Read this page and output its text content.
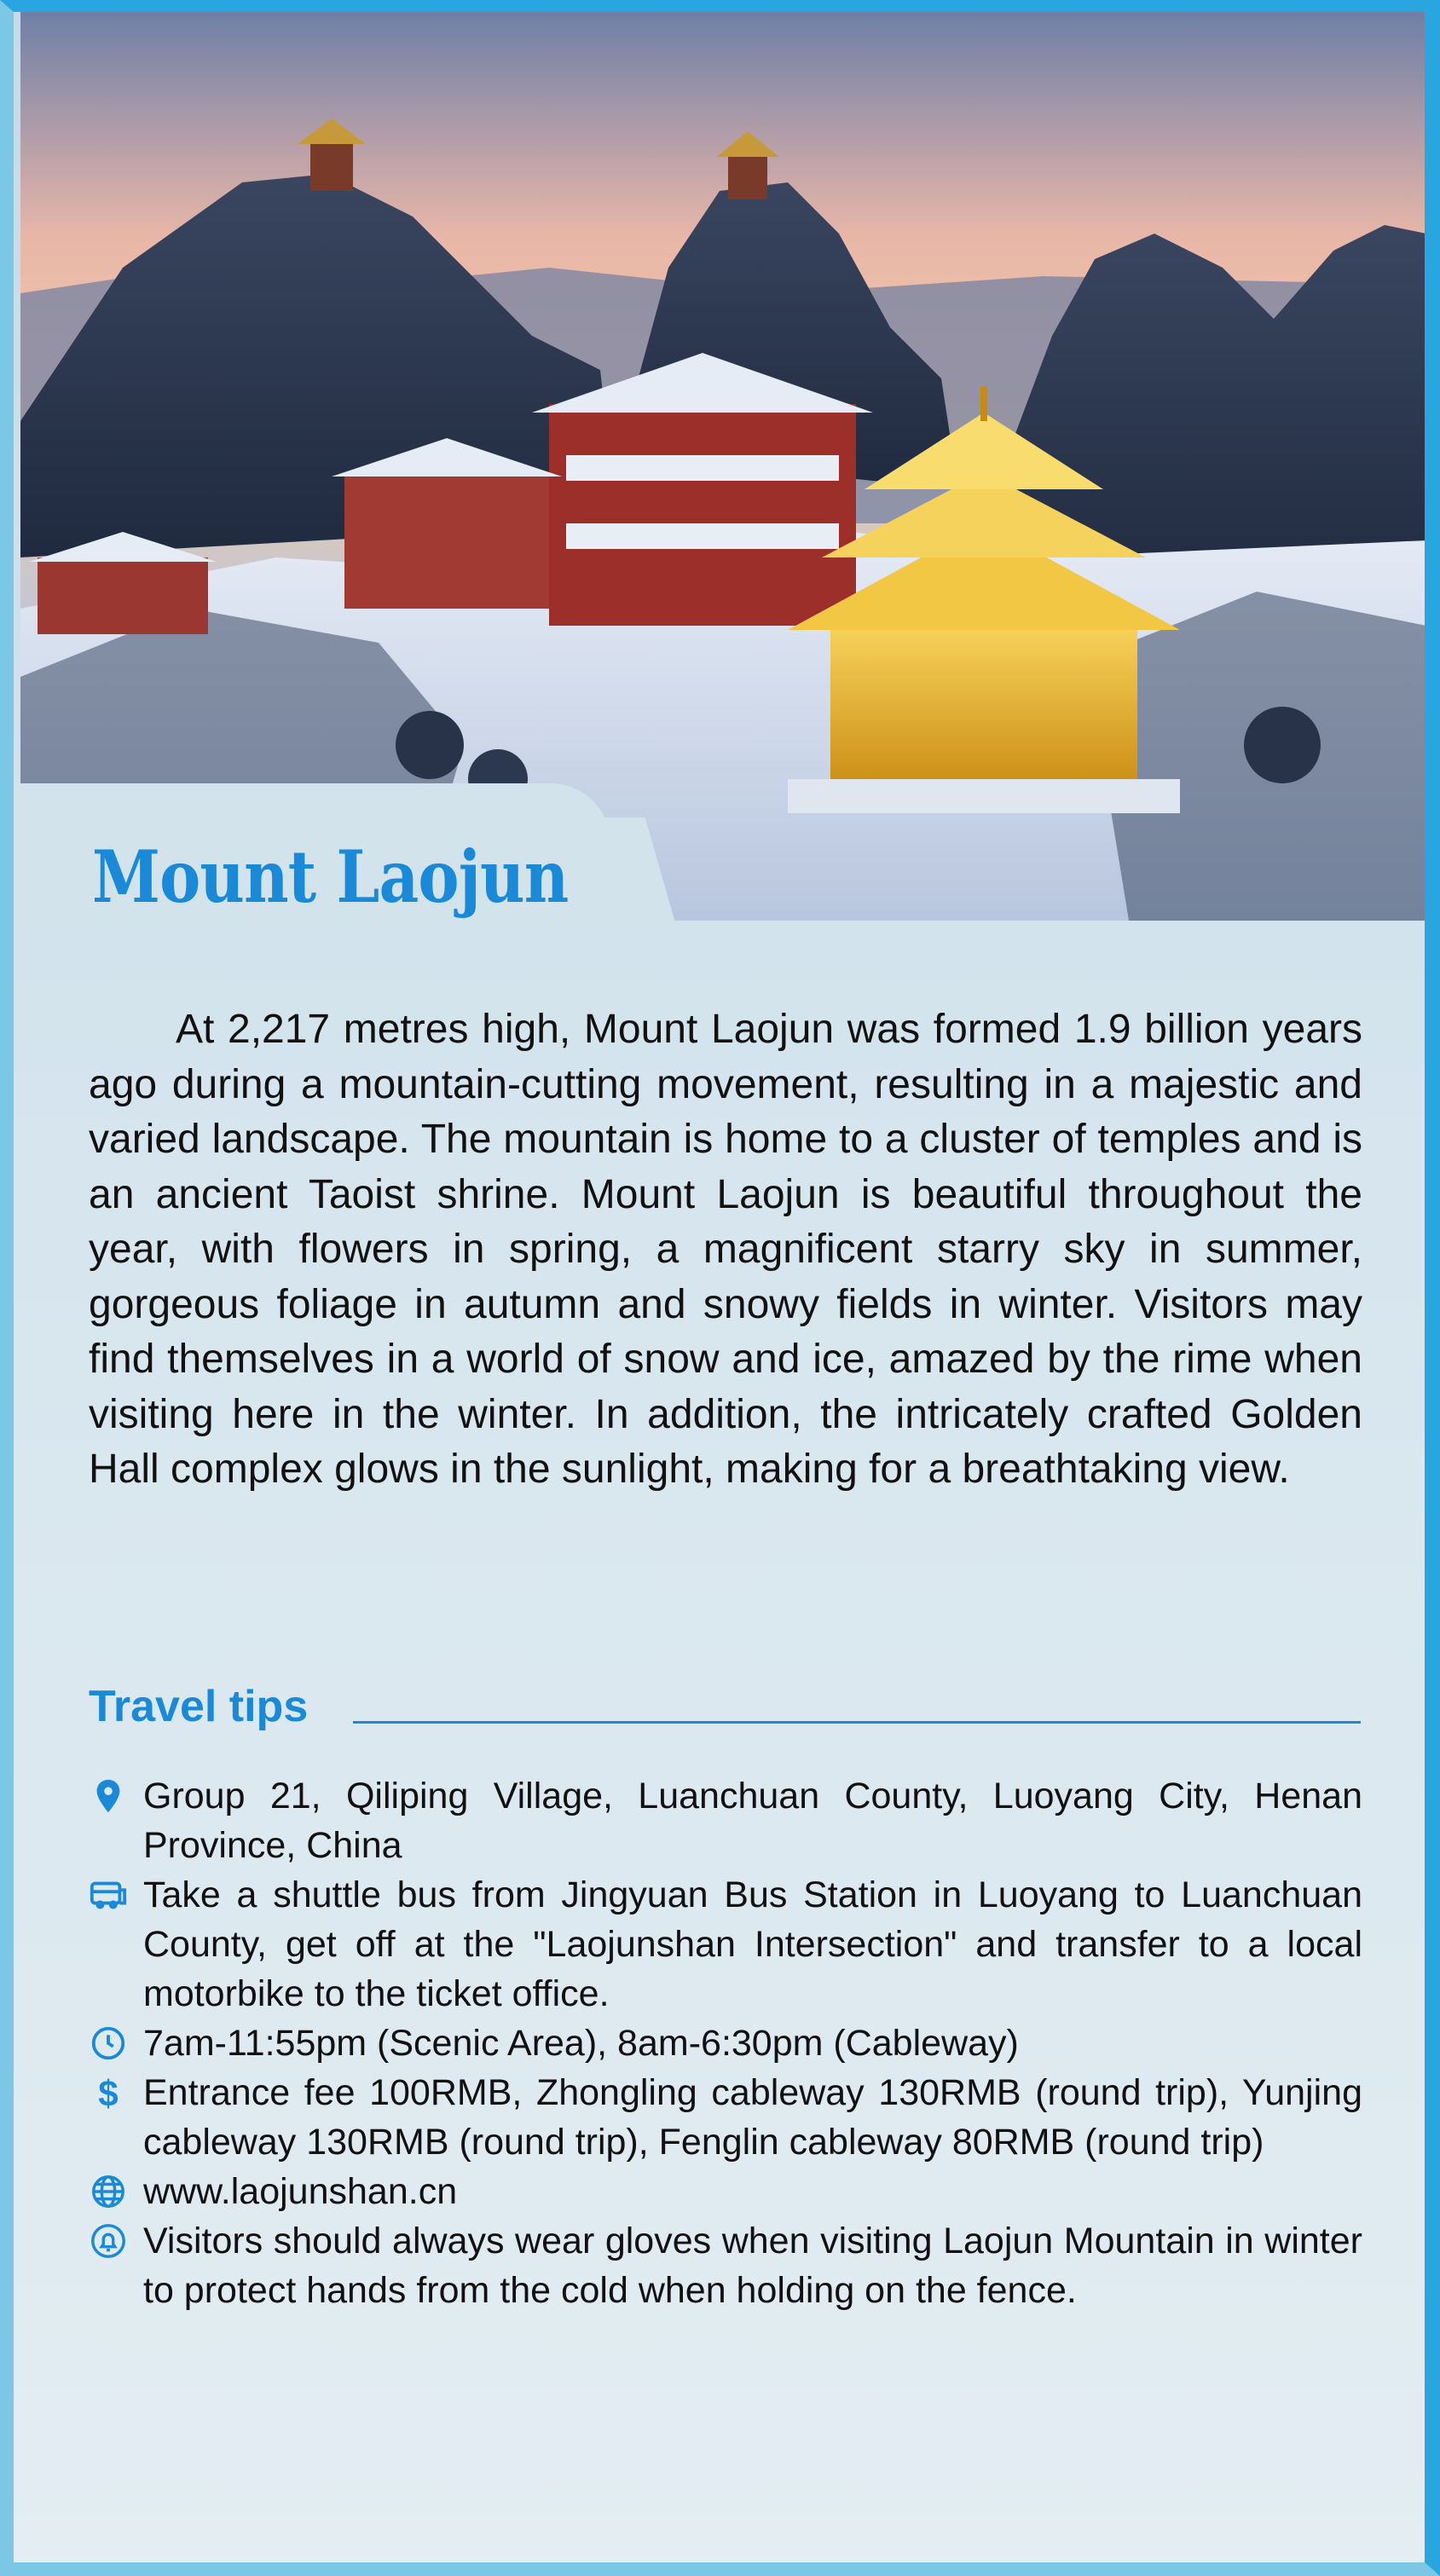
Mount Laojun

At 2,217 metres high, Mount Laojun was formed 1.9 billion years ago during a mountain-cutting movement, resulting in a majestic and varied landscape. The mountain is home to a cluster of temples and is an ancient Taoist shrine. Mount Laojun is beautiful throughout the year, with flowers in spring, a magnificent starry sky in summer, gorgeous foliage in autumn and snowy fields in winter. Visitors may find themselves in a world of snow and ice, amazed by the rime when visiting here in the winter. In addition, the intricately crafted Golden Hall complex glows in the sunlight, making for a breathtaking view.

Travel tips
Group 21, Qiliping Village, Luanchuan County, Luoyang City, Henan Province, China
Take a shuttle bus from Jingyuan Bus Station in Luoyang to Luanchuan County, get off at the "Laojunshan Intersection" and transfer to a local motorbike to the ticket office.
7am-11:55pm (Scenic Area), 8am-6:30pm (Cableway)
$ Entrance fee 100RMB, Zhongling cableway 130RMB (round trip), Yunjing cableway 130RMB (round trip), Fenglin cableway 80RMB (round trip)
www.laojunshan.cn
Visitors should always wear gloves when visiting Laojun Mountain in winter to protect hands from the cold when holding on the fence.
